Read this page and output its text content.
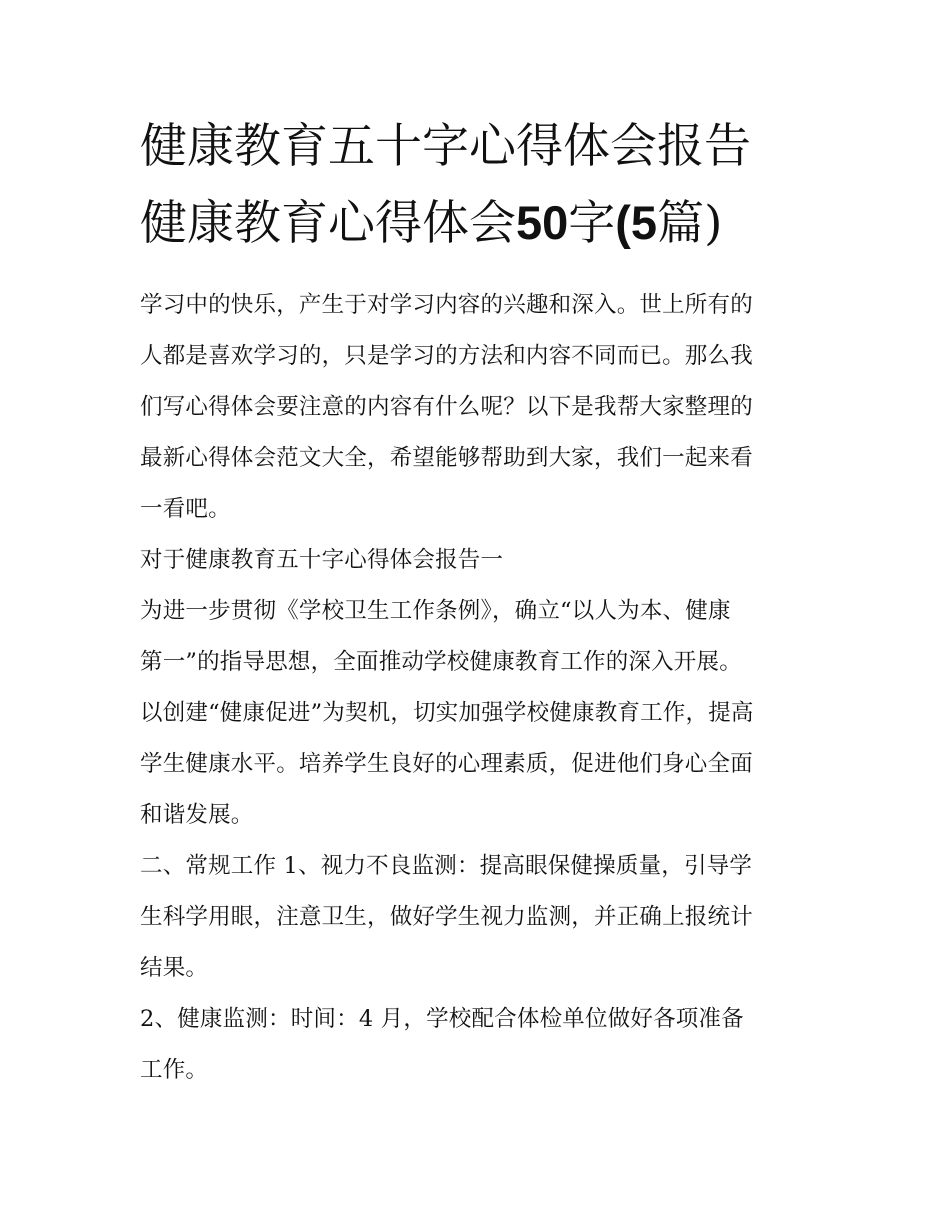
健康教育五十字心得体会报告
健康教育心得体会50字(5篇)

学习中的快乐，产生于对学习内容的兴趣和深入。世上所有的
人都是喜欢学习的，只是学习的方法和内容不同而已。那么我
们写心得体会要注意的内容有什么呢？以下是我帮大家整理的
最新心得体会范文大全，希望能够帮助到大家，我们一起来看
一看吧。

对于健康教育五十字心得体会报告一

为进一步贯彻《学校卫生工作条例》，确立“以人为本、健康
第一”的指导思想，全面推动学校健康教育工作的深入开展。
以创建“健康促进”为契机，切实加强学校健康教育工作，提高
学生健康水平。培养学生良好的心理素质，促进他们身心全面
和谐发展。

二、常规工作 1、视力不良监测：提高眼保健操质量，引导学
生科学用眼，注意卫生，做好学生视力监测，并正确上报统计
结果。

2、健康监测：时间：4 月，学校配合体检单位做好各项准备
工作。
